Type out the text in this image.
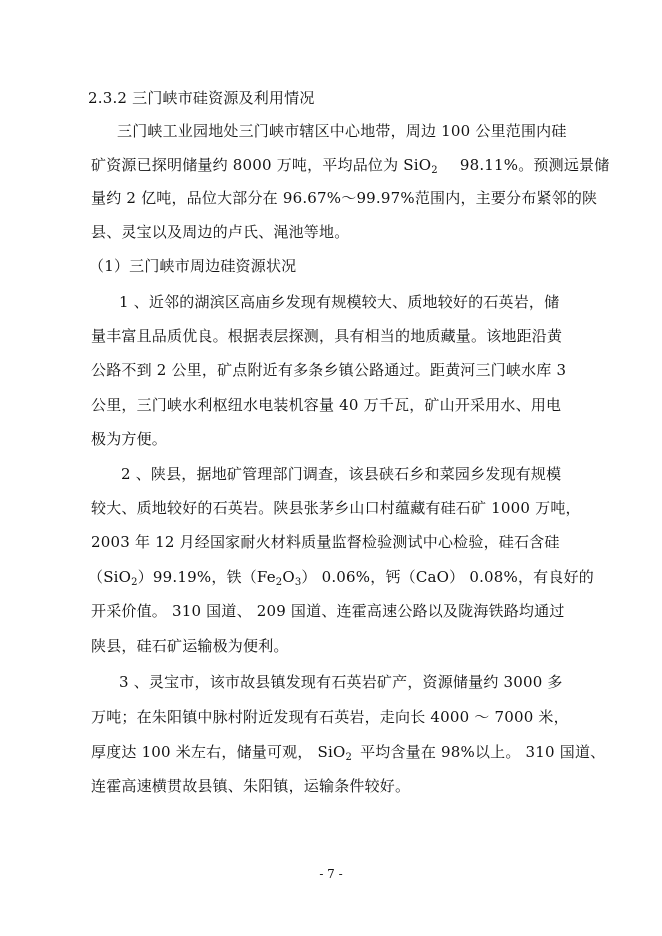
2.3.2 三门峡市硅资源及利用情况
三门峡工业园地处三门峡市辖区中心地带，周边 100 公里范围内硅
矿资源已探明储量约 8000 万吨，平均品位为 SiO$_2$ 98.11%。预测远景储
量约 2 亿吨，品位大部分在 96.67%～99.97%范围内，主要分布紧邻的陕
县、灵宝以及周边的卢氏、渑池等地。
（1）三门峡市周边硅资源状况
1 、近邻的湖滨区高庙乡发现有规模较大、质地较好的石英岩，储
量丰富且品质优良。根据表层探测，具有相当的地质藏量。该地距沿黄
公路不到 2 公里，矿点附近有多条乡镇公路通过。距黄河三门峡水库 3
公里，三门峡水利枢纽水电装机容量 40 万千瓦，矿山开采用水、用电
极为方便。
2 、陕县，据地矿管理部门调查，该县硖石乡和菜园乡发现有规模
较大、质地较好的石英岩。陕县张茅乡山口村蕴藏有硅石矿 1000 万吨，
2003 年 12 月经国家耐火材料质量监督检验测试中心检验，硅石含硅
（SiO$_2$）99.19%，铁$(Fe_2O_3)$ 0.06%，钙（CaO） 0.08%，有良好的
开采价值。 310 国道、 209 国道、连霍高速公路以及陇海铁路均通过
陕县，硅石矿运输极为便利。
3 、灵宝市，该市故县镇发现有石英岩矿产，资源储量约 3000 多
万吨；在朱阳镇中脉村附近发现有石英岩，走向长 4000 ～ 7000 米，
厚度达 100 米左右，储量可观， SiO$_2$ 平均含量在 98%以上。 310 国道、
连霍高速横贯故县镇、朱阳镇，运输条件较好。
- 7 -
